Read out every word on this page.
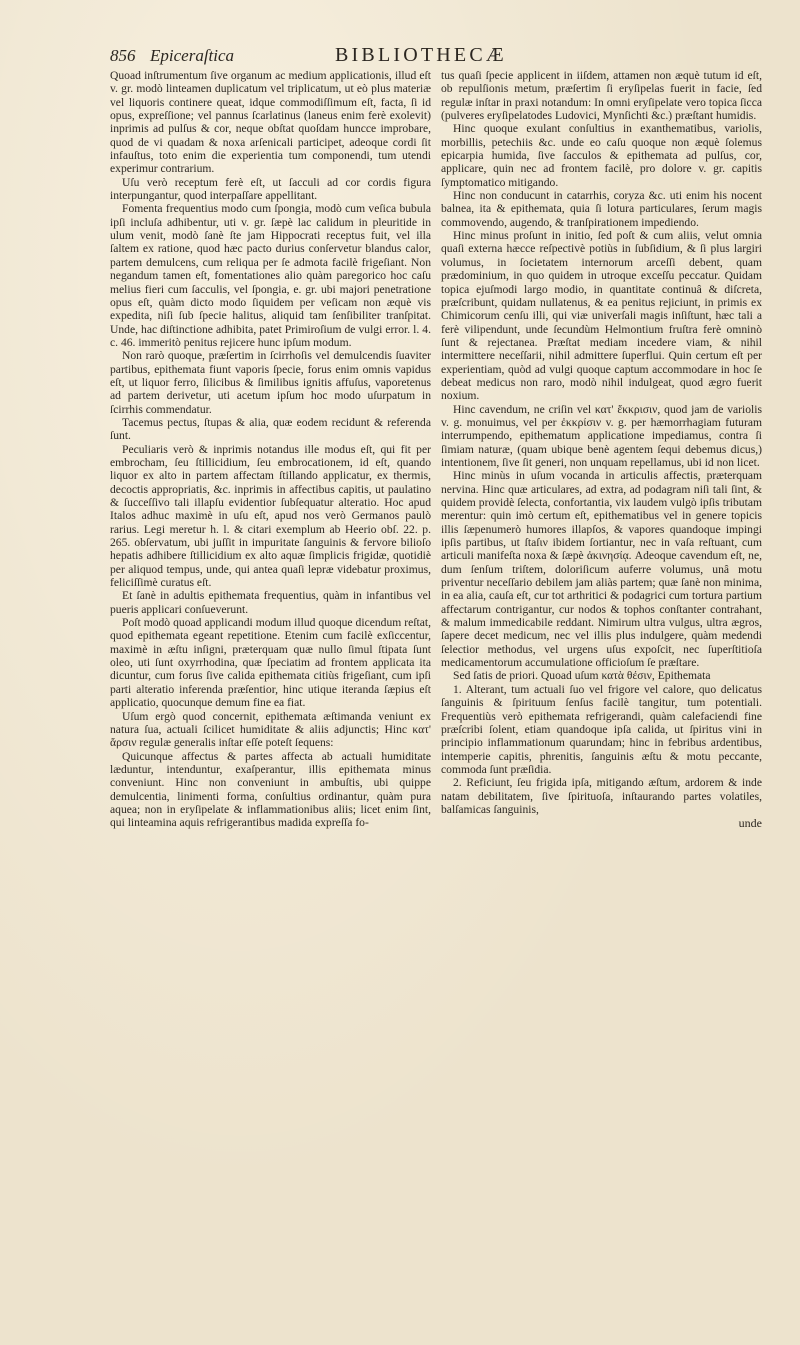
856 Epiceraſtica	BIBLIOTHECÆ

Quoad inſtrumentum ſive organum ac medium applicationis, illud eſt v. gr. modò linteamen duplicatum vel triplicatum, ut eò plus materiæ vel liquoris continere queat, idque commodiſſimum eſt, facta, ſi id opus, expreſſione; vel pannus ſcarlatinus (laneus enim ferè exolevit) inprimis ad pulſus & cor, neque obſtat quoſdam huncce improbare, quod de vi quadam & noxa arſenicali participet, adeoque cordi ſit infauſtus, toto enim die experientia tum componendi, tum utendi experimur contrarium.

Uſu verò receptum ferè eſt, ut ſacculi ad cor cordis figura interpungantur, quod interpaſſare appellitant.

Fomenta frequentius modo cum ſpongia, modò cum veſica bubula ipſi incluſa adhibentur, uti v. gr. ſæpè lac calidum in pleuritide in ulum venit, modò ſanè ſte jam Hippocrati receptus fuit, vel illa ſaltem ex ratione, quod hæc pacto durius conſervetur blandus calor, partem demulcens, cum reliqua per ſe admota facilè frigeſiant. Non negandum tamen eſt, fomentationes alio quàm paregorico hoc caſu melius fieri cum ſacculis, vel ſpongia, e. gr. ubi majori penetratione opus eſt, quàm dicto modo ſiquidem per veſicam non æquè vis expedita, niſi ſub ſpecie halitus, aliquid tam ſenſibiliter tranſpitat. Unde, hac diſtinctione adhibita, patet Primiroſium de vulgi error. l. 4. c. 46. immeritò penitus rejicere hunc ipſum modum.

Non rarò quoque, præſertim in ſcirrhoſis vel demulcendis ſuaviter partibus, epithemata fiunt vaporis ſpecie, forus enim omnis vapidus eſt, ut liquor ferro, ſilicibus & ſimilibus ignitis affuſus, vaporetenus ad partem derivetur, uti acetum ipſum hoc modo uſurpatum in ſcirrhis commendatur.

Tacemus pectus, ſtupas & alia, quæ eodem recidunt & referenda ſunt.

Peculiaris verò & inprimis notandus ille modus eſt, qui fit per embrocham, ſeu ſtillicidium, ſeu embrocationem, id eſt, quando liquor ex alto in partem affectam ſtillando applicatur, ex thermis, decoctis appropriatis, &c. inprimis in affectibus capitis, ut paulatino & ſucceſſivo tali illapſu evidentior ſubſequatur alteratio. Hoc apud Italos adhuc maximè in uſu eſt, apud nos verò Germanos paulò rarius. Legi meretur h. l. & citari exemplum ab Heerio obſ. 22. p. 265. obſervatum, ubi juſſit in impuritate ſanguinis & fervore bilioſo hepatis adhibere ſtillicidium ex alto aquæ ſimplicis frigidæ, quotidiè per aliquod tempus, unde, qui antea quaſi lepræ videbatur proximus, feliciſſimè curatus eſt.

Et ſanè in adultis epithemata frequentius, quàm in infantibus vel pueris applicari conſueverunt.

Poſt modò quoad applicandi modum illud quoque dicendum reſtat, quod epithemata egeant repetitione. Etenim cum facilè exſiccentur, maximè in æſtu inſigni, præterquam quæ nullo ſimul ſtipata ſunt oleo, uti ſunt oxyrrhodina, quæ ſpeciatim ad frontem applicata ita dicuntur, cum forus ſive calida epithemata citiùs frigeſiant, cum ipſi parti alteratio inferenda præſentior, hinc utique iteranda ſæpius eſt applicatio, quocunque demum fine ea fiat.

Uſum ergò quod concernit, epithemata æſtimanda veniunt ex natura ſua, actuali ſcilicet humiditate & aliis adjunctis; Hinc κατ' ἄρσιν regulæ generalis inſtar eſſe poteſt ſequens:

Quicunque affectus & partes affecta ab actuali humiditate læduntur, intenduntur, exaſperantur, illis epithemata minus conveniunt. Hinc non conveniunt in ambuſtis, ubi quippe demulcentia, linimenti forma, conſultius ordinantur, quàm pura aquea; non in eryſipelate & inflammationibus aliis; licet enim ſint, qui linteamina aquis refrigerantibus madida expreſſa fo-

tus quaſi ſpecie applicent in iiſdem, attamen non æquè tutum id eſt, ob repulſionis metum, præſertim ſi eryſipelas fuerit in facie, ſed regulæ inſtar in praxi notandum: In omni eryſipelate vero topica ſicca (pulveres eryſipelatodes Ludovici, Mynſichti &c.) præſtant humidis.

Hinc quoque exulant conſultius in exanthematibus, variolis, morbillis, petechiis &c. unde eo caſu quoque non æquè ſolemus epicarpia humida, ſive ſacculos & epithemata ad pulſus, cor, applicare, quin nec ad frontem facilè, pro dolore v. gr. capitis ſymptomatico mitigando.

Hinc non conducunt in catarrhis, coryza &c. uti enim his nocent balnea, ita & epithemata, quia ſi lotura particulares, ſerum magis commovendo, augendo, & tranſpirationem impediendo.

Hinc minus proſunt in initio, ſed poſt & cum aliis, velut omnia quaſi externa hæcce reſpectivè potiùs in ſubſidium, & ſi plus largiri volumus, in ſocietatem internorum arceſſi debent, quam prædominium, in quo quidem in utroque exceſſu peccatur. Quidam topica ejuſmodi largo modio, in quantitate continuâ & diſcreta, præſcribunt, quidam nullatenus, & ea penitus rejiciunt, in primis ex Chimicorum cenſu illi, qui viæ univerſali magis inſiſtunt, hæc tali a ferè vilipendunt, unde ſecundùm Helmontium fruſtra ferè omninò ſunt & rejectanea. Præſtat mediam incedere viam, & nihil intermittere neceſſarii, nihil admittere ſuperflui. Quin certum eſt per experientiam, quòd ad vulgi quoque captum accommodare in hoc ſe debeat medicus non raro, modò nihil indulgeat, quod ægro fuerit noxium.

Hinc cavendum, ne criſin vel κατ' ἔκκρισιν, quod jam de variolis v. g. monuimus, vel per ἐκκρίσιν v. g. per hæmorrhagiam futuram interrumpendo, epithematum applicatione impediamus, contra ſi ſimiam naturæ, (quam ubique benè agentem ſequi debemus dicus,) intentionem, ſive ſit generi, non unquam repellamus, ubi id non licet.

Hinc minùs in uſum vocanda in articulis affectis, præterquam nervina. Hinc quæ articulares, ad extra, ad podagram niſi tali ſint, & quidem providè ſelecta, confortantia, vix laudem vulgò ipſis tributam merentur: quin imò certum eſt, epithematibus vel in genere topicis illis ſæpenumerò humores illapſos, & vapores quandoque impingi ipſis partibus, ut ſtaſιν ibidem ſortiantur, nec in vaſa reſtuant, cum articuli manifeſta noxa & ſæpè ἀκινησίᾳ. Adeoque cavendum eſt, ne, dum ſenſum triſtem, doloriſicum auferre volumus, unâ motu priventur neceſſario debilem jam aliàs partem; quæ ſanè non minima, in ea alia, cauſa eſt, cur tot arthritici & podagrici cum tortura partium affectarum contrigantur, cur nodos & tophos conſtanter contrahant, & malum immedicabile reddant. Nimirum ultra vulgus, ultra ægros, ſapere decet medicum, nec vel illis plus indulgere, quàm medendi ſelectior methodus, vel urgens uſus expoſcit, nec ſuperſtitioſa medicamentorum accumulatione officioſum ſe præſtare.

Sed ſatis de priori. Quoad uſum κατὰ θέσιν, Epithemata

1. Alterant, tum actuali ſuo vel frigore vel calore, quo delicatus ſanguinis & ſpirituum ſenſus facilè tangitur, tum potentiali. Frequentiùs verò epithemata refrigerandi, quàm calefaciendi fine præſcribi ſolent, etiam quandoque ipſa calida, ut ſpiritus vini in principio inflammationum quarundam; hinc in febribus ardentibus, intemperie capitis, phrenitis, ſanguinis æſtu & motu peccante, commoda ſunt præſidia.

2. Reficiunt, ſeu frigida ipſa, mitigando æſtum, ardorem & inde natam debilitatem, ſive ſpirituoſa, inſtaurando partes volatiles, balſamicas ſanguinis,

unde
